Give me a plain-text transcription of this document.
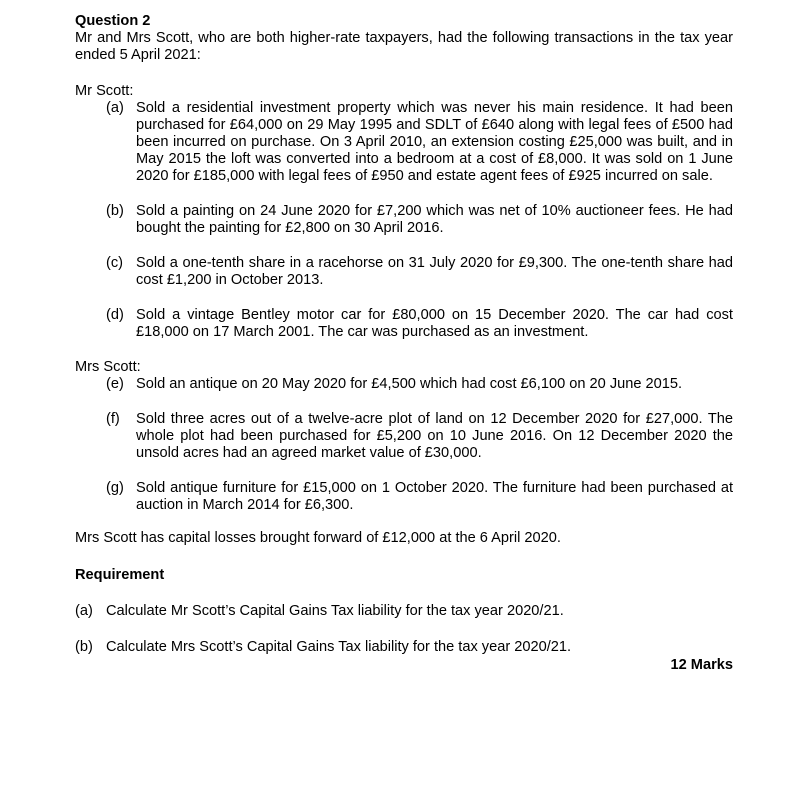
Question 2

Mr and Mrs Scott, who are both higher-rate taxpayers, had the following transactions in the tax year ended 5 April 2021:

Mr Scott:

(a) Sold a residential investment property which was never his main residence. It had been purchased for £64,000 on 29 May 1995 and SDLT of £640 along with legal fees of £500 had been incurred on purchase. On 3 April 2010, an extension costing £25,000 was built, and in May 2015 the loft was converted into a bedroom at a cost of £8,000. It was sold on 1 June 2020 for £185,000 with legal fees of £950 and estate agent fees of £925 incurred on sale.
(b) Sold a painting on 24 June 2020 for £7,200 which was net of 10% auctioneer fees. He had bought the painting for £2,800 on 30 April 2016.
(c) Sold a one-tenth share in a racehorse on 31 July 2020 for £9,300. The one-tenth share had cost £1,200 in October 2013.
(d) Sold a vintage Bentley motor car for £80,000 on 15 December 2020. The car had cost £18,000 on 17 March 2001. The car was purchased as an investment.

Mrs Scott:

(e) Sold an antique on 20 May 2020 for £4,500 which had cost £6,100 on 20 June 2015.
(f)	Sold three acres out of a twelve-acre plot of land on 12 December 2020 for £27,000. The whole plot had been purchased for £5,200 on 10 June 2016. On 12 December 2020 the unsold acres had an agreed market value of £30,000.
(g) Sold antique furniture for £15,000 on 1 October 2020. The furniture had been purchased at auction in March 2014 for £6,300.

Mrs Scott has capital losses brought forward of £12,000 at the 6 April 2020.

Requirement

(a) Calculate Mr Scott’s Capital Gains Tax liability for the tax year 2020/21.
(b) Calculate Mrs Scott’s Capital Gains Tax liability for the tax year 2020/21.
12 Marks
